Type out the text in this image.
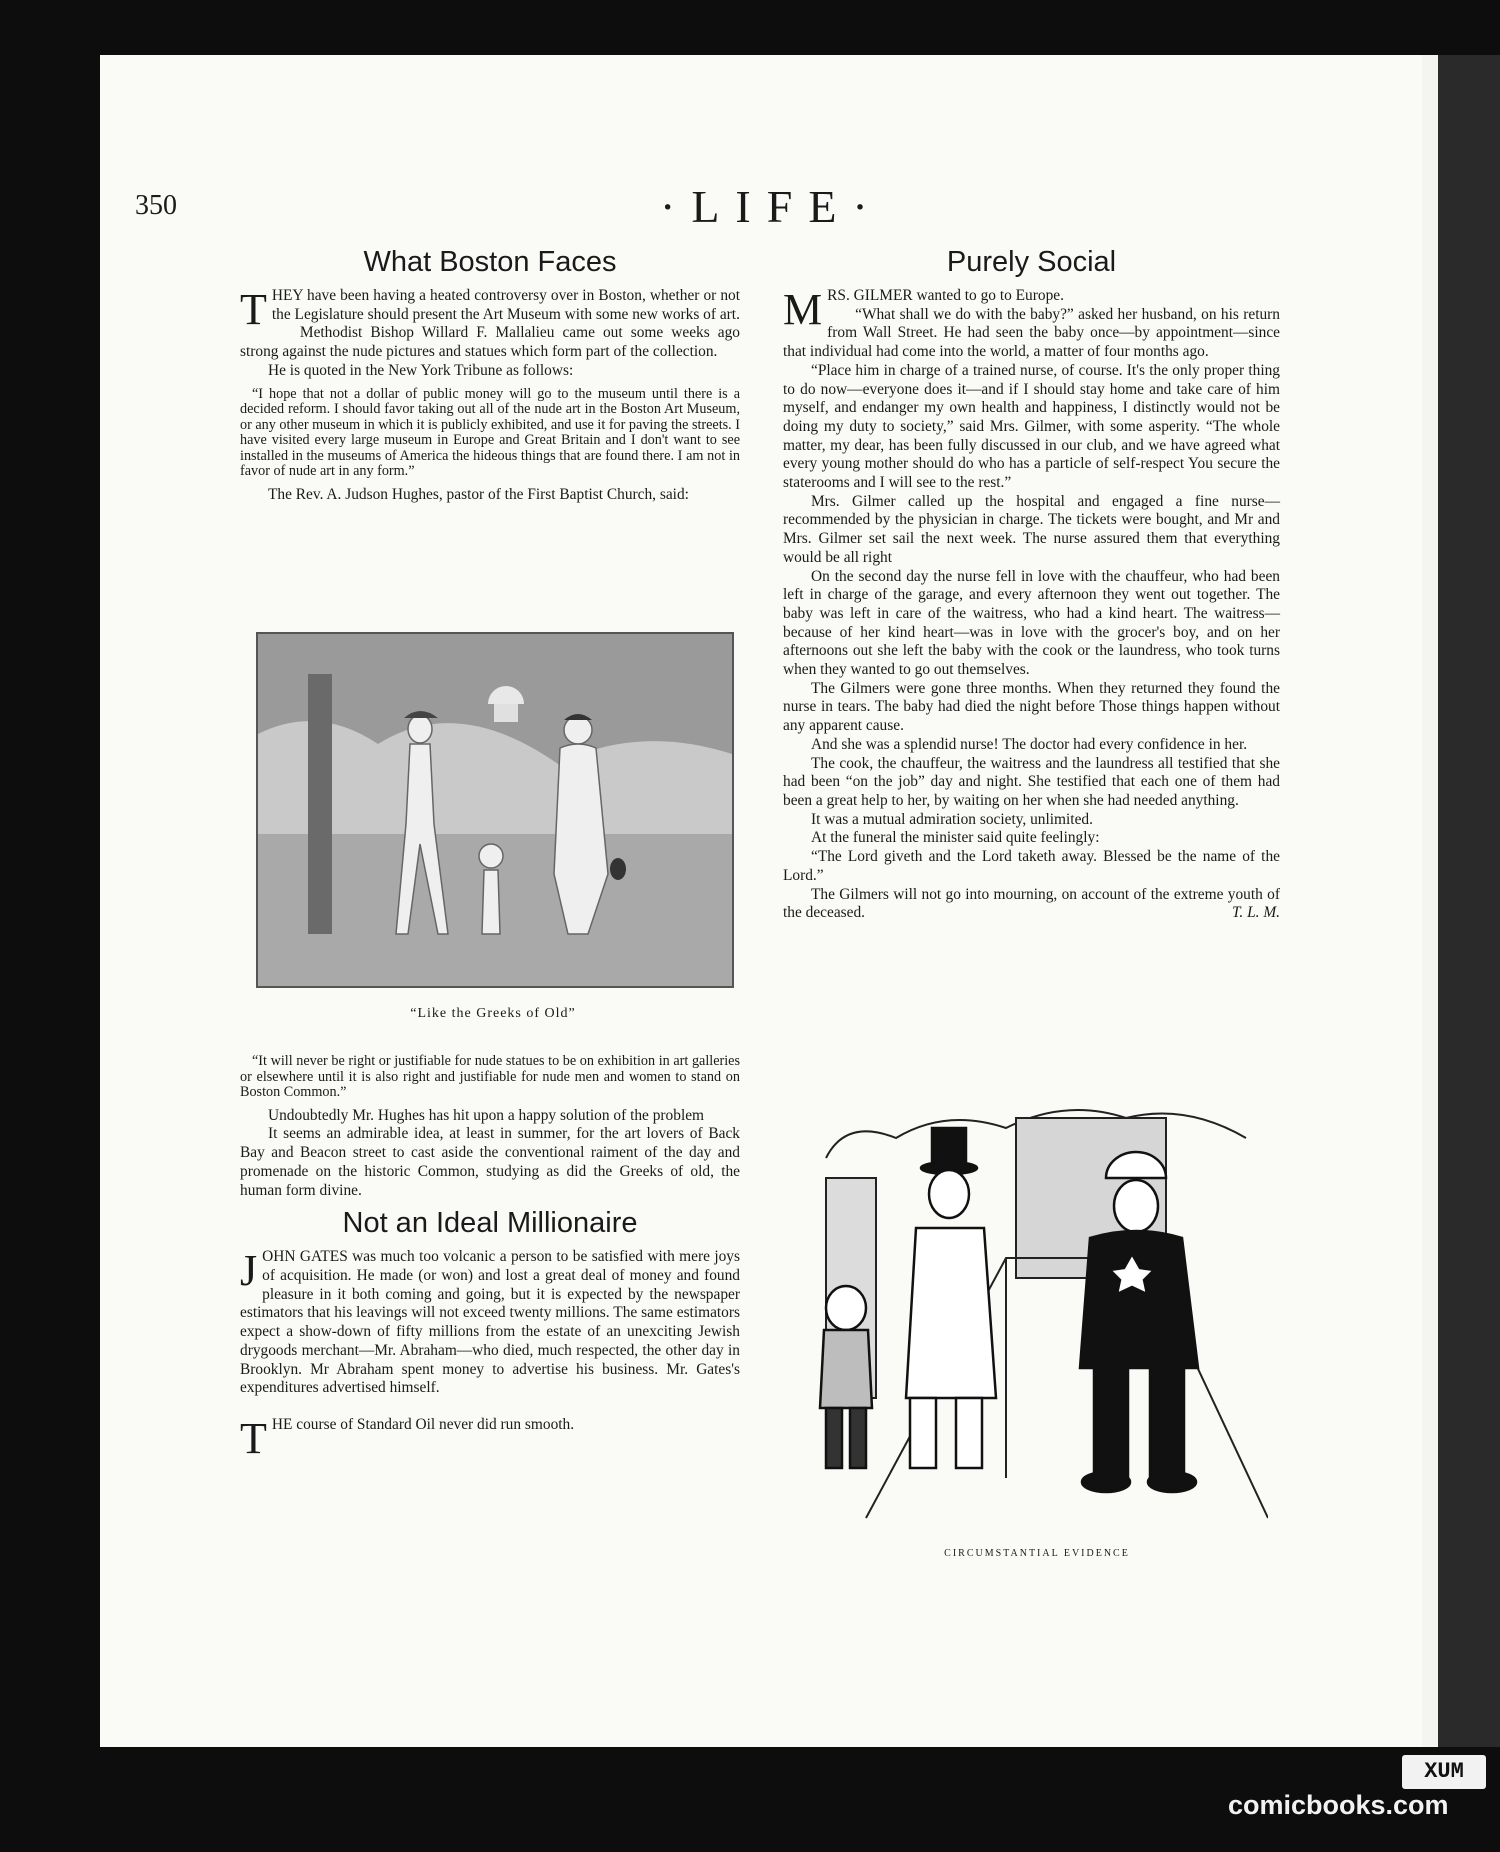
350	·LIFE·
What Boston Faces

THEY have been having a heated controversy over in Boston, whether or not the Legislature should present the Art Museum with some new works of art.

Methodist Bishop Willard F. Mallalieu came out some weeks ago strong against the nude pictures and statues which form part of the collection.

He is quoted in the New York Tribune as follows:

“I hope that not a dollar of public money will go to the museum until there is a decided reform. I should favor taking out all of the nude art in the Boston Art Museum, or any other museum in which it is publicly exhibited, and use it for paving the streets. I have visited every large museum in Europe and Great Britain and I don't want to see installed in the museums of America the hideous things that are found there. I am not in favor of nude art in any form.”

The Rev. A. Judson Hughes, pastor of the First Baptist Church, said:

“Like the Greeks of Old”

“It will never be right or justifiable for nude statues to be on exhibition in art galleries or elsewhere until it is also right and justifiable for nude men and women to stand on Boston Common.”

Undoubtedly Mr. Hughes has hit upon a happy solution of the problem

It seems an admirable idea, at least in summer, for the art lovers of Back Bay and Beacon street to cast aside the conventional raiment of the day and promenade on the historic Common, studying as did the Greeks of old, the human form divine.

Not an Ideal Millionaire

JOHN GATES was much too volcanic a person to be satisfied with mere joys of acquisition. He made (or won) and lost a great deal of money and found pleasure in it both coming and going, but it is expected by the newspaper estimators that his leavings will not exceed twenty millions. The same estimators expect a show-down of fifty millions from the estate of an unexciting Jewish drygoods merchant—Mr. Abraham—who died, much respected, the other day in Brooklyn. Mr Abraham spent money to advertise his business. Mr. Gates's expenditures advertised himself.

THE course of Standard Oil never did run smooth.

Purely Social

MRS. GILMER wanted to go to Europe.

“What shall we do with the baby?” asked her husband, on his return from Wall Street. He had seen the baby once—by appointment—since that individual had come into the world, a matter of four months ago.

“Place him in charge of a trained nurse, of course. It's the only proper thing to do now—everyone does it—and if I should stay home and take care of him myself, and endanger my own health and happiness, I distinctly would not be doing my duty to society,” said Mrs. Gilmer, with some asperity. “The whole matter, my dear, has been fully discussed in our club, and we have agreed what every young mother should do who has a particle of self-respect You secure the staterooms and I will see to the rest.”

Mrs. Gilmer called up the hospital and engaged a fine nurse—recommended by the physician in charge. The tickets were bought, and Mr and Mrs. Gilmer set sail the next week. The nurse assured them that everything would be all right

On the second day the nurse fell in love with the chauffeur, who had been left in charge of the garage, and every afternoon they went out together. The baby was left in care of the waitress, who had a kind heart. The waitress—because of her kind heart—was in love with the grocer's boy, and on her afternoons out she left the baby with the cook or the laundress, who took turns when they wanted to go out themselves.

The Gilmers were gone three months. When they returned they found the nurse in tears. The baby had died the night before Those things happen without any apparent cause.

And she was a splendid nurse! The doctor had every confidence in her.

The cook, the chauffeur, the waitress and the laundress all testified that she had been “on the job” day and night. She testified that each one of them had been a great help to her, by waiting on her when she had needed anything.

It was a mutual admiration society, unlimited.

At the funeral the minister said quite feelingly:

“The Lord giveth and the Lord taketh away. Blessed be the name of the Lord.”

The Gilmers will not go into mourning, on account of the extreme youth of the deceased.	T. L. M.

CIRCUMSTANTIAL EVIDENCE
XUM
comicbooks.com
